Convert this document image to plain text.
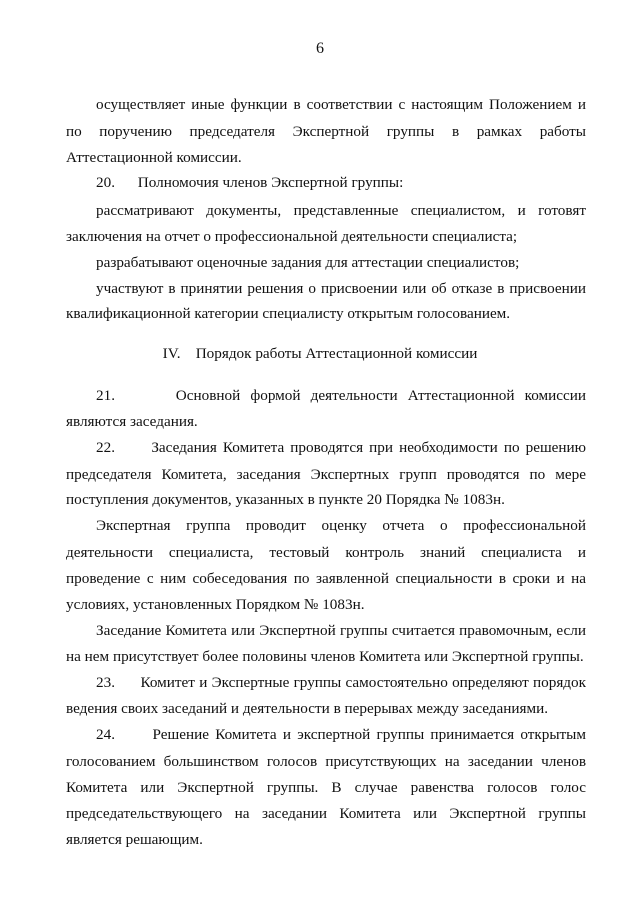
6
осуществляет иные функции в соответствии с настоящим Положением и
по поручению председателя Экспертной группы в рамках работы
Аттестационной комиссии.
20.      Полномочия членов Экспертной группы:
рассматривают документы, представленные специалистом, и готовят
заключения на отчет о профессиональной деятельности специалиста;
разрабатывают оценочные задания для аттестации специалистов;
участвуют в принятии решения о присвоении или об отказе в присвоении
квалификационной категории специалисту открытым голосованием.
IV.    Порядок работы Аттестационной комиссии
21.      Основной формой деятельности Аттестационной комиссии
являются заседания.
22.      Заседания Комитета проводятся при необходимости по решению
председателя Комитета, заседания Экспертных групп проводятся по мере
поступления документов, указанных в пункте 20 Порядка № 1083н.
Экспертная группа проводит оценку отчета о профессиональной
деятельности специалиста, тестовый контроль знаний специалиста и
проведение с ним собеседования по заявленной специальности в сроки и на
условиях, установленных Порядком № 1083н.
Заседание Комитета или Экспертной группы считается правомочным, если
на нем присутствует более половины членов Комитета или Экспертной группы.
23.      Комитет и Экспертные группы самостоятельно определяют порядок
ведения своих заседаний и деятельности в перерывах между заседаниями.
24.      Решение Комитета и экспертной группы принимается открытым
голосованием большинством голосов присутствующих на заседании членов
Комитета или Экспертной группы. В случае равенства голосов голос
председательствующего на заседании Комитета или Экспертной группы
является решающим.
